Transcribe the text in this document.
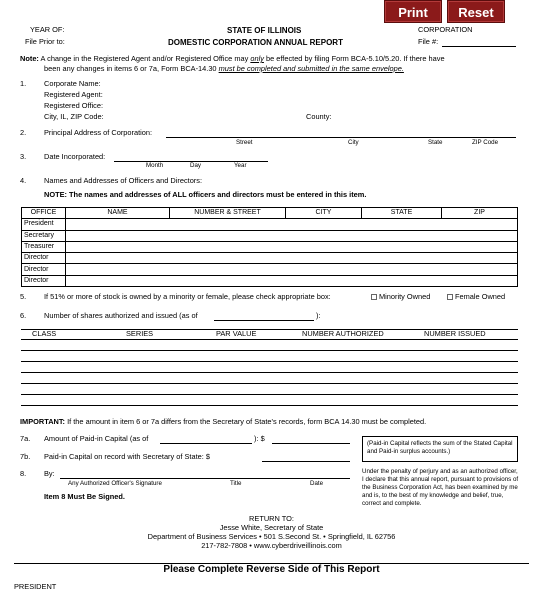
Print	Reset
YEAR OF:
File Prior to:
STATE OF ILLINOIS
DOMESTIC CORPORATION ANNUAL REPORT
CORPORATION
File #:
Note: A change in the Registered Agent and/or Registered Office may only be effected by filing Form BCA-5.10/5.20. If there have
been any changes in items 6 or 7a, Form BCA-14.30 must be completed and submitted in the same envelope.
1. Corporate Name:
Registered Agent:
Registered Office:
City, IL, ZIP Code:	County:
2. Principal Address of Corporation:
Street	City	State	ZIP Code
3. Date Incorporated:
Month	Day	Year
4. Names and Addresses of Officers and Directors:
NOTE: The names and addresses of ALL officers and directors must be entered in this item.
OFFICE	NAME	NUMBER & STREET	CITY	STATE	ZIP
President					
Secretary					
Treasurer					
Director					
Director					
Director					
5. If 51% or more of stock is owned by a minority or female, please check appropriate box:	Minority Owned	Female Owned
6. Number of shares authorized and issued (as of	):
CLASS	SERIES	PAR VALUE	NUMBER AUTHORIZED	NUMBER ISSUED
IMPORTANT: If the amount in item 6 or 7a differs from the Secretary of State's records, form BCA 14.30 must be completed.
7a. Amount of Paid-in Capital (as of	): $
7b. Paid-in Capital on record with Secretary of State: $
(Paid-in Capital reflects the sum of the Stated Capital and Paid-in surplus accounts.)
8. By:
Any Authorized Officer's Signature	Title	Date
Item 8 Must Be Signed.
Under the penalty of perjury and as an authorized officer, I declare that this annual report, pursuant to provisions of the Business Corporation Act, has been examined by me and is, to the best of my knowledge and belief, true, correct and complete.
RETURN TO:
Jesse White, Secretary of State
Department of Business Services • 501 S.Second St. • Springfield, IL 62756
217-782-7808 • www.cyberdriveillinois.com
Please Complete Reverse Side of This Report
PRESIDENT
